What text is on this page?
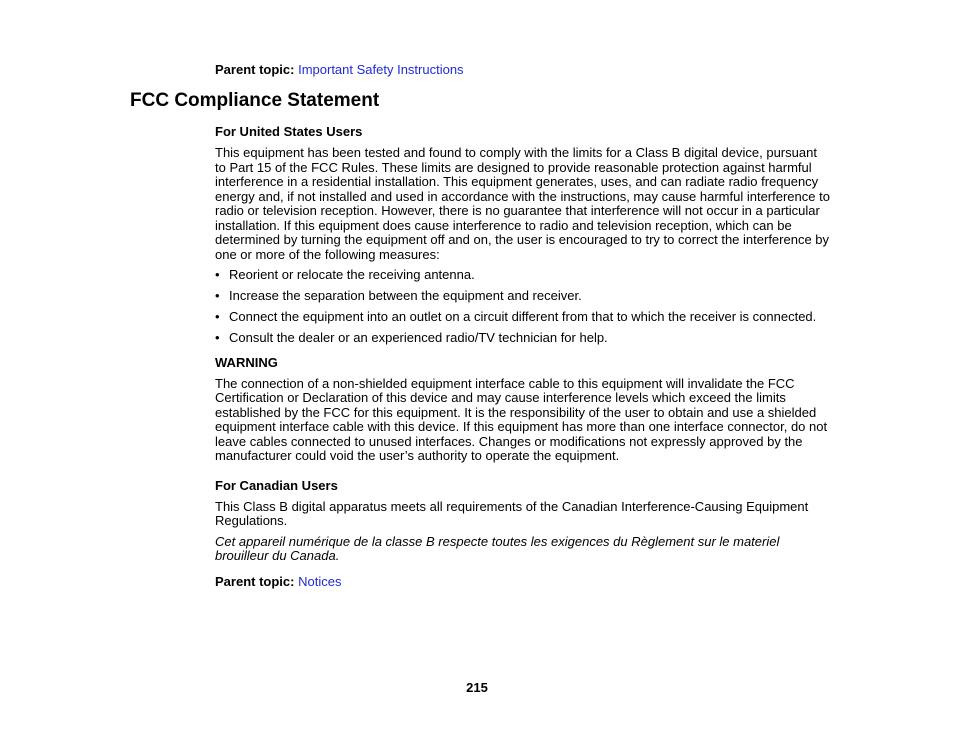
Parent topic: Important Safety Instructions
FCC Compliance Statement
For United States Users

This equipment has been tested and found to comply with the limits for a Class B digital device, pursuant to Part 15 of the FCC Rules. These limits are designed to provide reasonable protection against harmful interference in a residential installation. This equipment generates, uses, and can radiate radio frequency energy and, if not installed and used in accordance with the instructions, may cause harmful interference to radio or television reception. However, there is no guarantee that interference will not occur in a particular installation. If this equipment does cause interference to radio and television reception, which can be determined by turning the equipment off and on, the user is encouraged to try to correct the interference by one or more of the following measures:

• Reorient or relocate the receiving antenna.
• Increase the separation between the equipment and receiver.
• Connect the equipment into an outlet on a circuit different from that to which the receiver is connected.
• Consult the dealer or an experienced radio/TV technician for help.
WARNING

The connection of a non-shielded equipment interface cable to this equipment will invalidate the FCC Certification or Declaration of this device and may cause interference levels which exceed the limits established by the FCC for this equipment. It is the responsibility of the user to obtain and use a shielded equipment interface cable with this device. If this equipment has more than one interface connector, do not leave cables connected to unused interfaces. Changes or modifications not expressly approved by the manufacturer could void the user’s authority to operate the equipment.

For Canadian Users

This Class B digital apparatus meets all requirements of the Canadian Interference-Causing Equipment Regulations.

Cet appareil numérique de la classe B respecte toutes les exigences du Règlement sur le materiel brouilleur du Canada.

Parent topic: Notices
215
